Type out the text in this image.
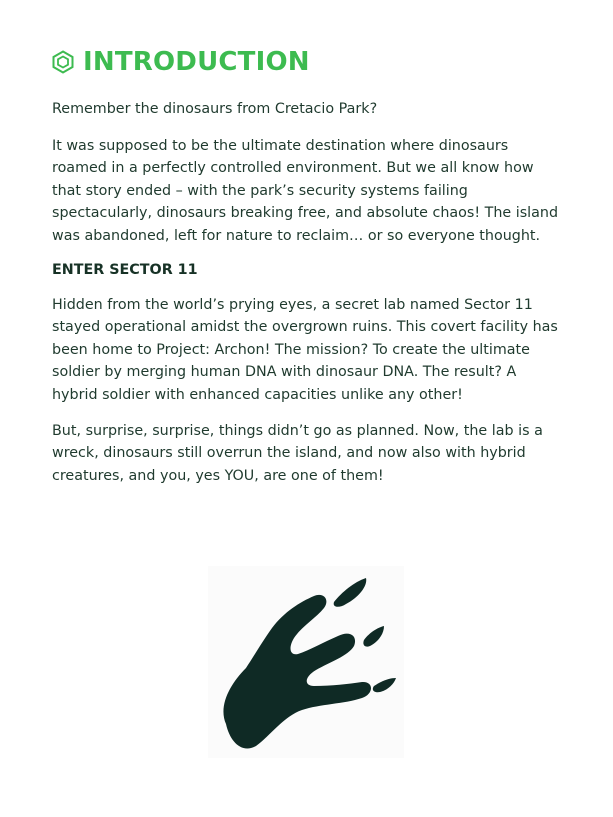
INTRODUCTION

Remember the dinosaurs from Cretacio Park?

It was supposed to be the ultimate destination where dinosaurs roamed in a perfectly controlled environment. But we all know how that story ended – with the park’s security systems failing spectacularly, dinosaurs breaking free, and absolute chaos! The island was abandoned, left for nature to reclaim… or so everyone thought.

ENTER SECTOR 11

Hidden from the world’s prying eyes, a secret lab named Sector 11 stayed operational amidst the overgrown ruins. This covert facility has been home to Project: Archon! The mission? To create the ultimate soldier by merging human DNA with dinosaur DNA. The result? A hybrid soldier with enhanced capacities unlike any other!

But, surprise, surprise, things didn’t go as planned. Now, the lab is a wreck, dinosaurs still overrun the island, and now also with hybrid creatures, and you, yes YOU, are one of them!
